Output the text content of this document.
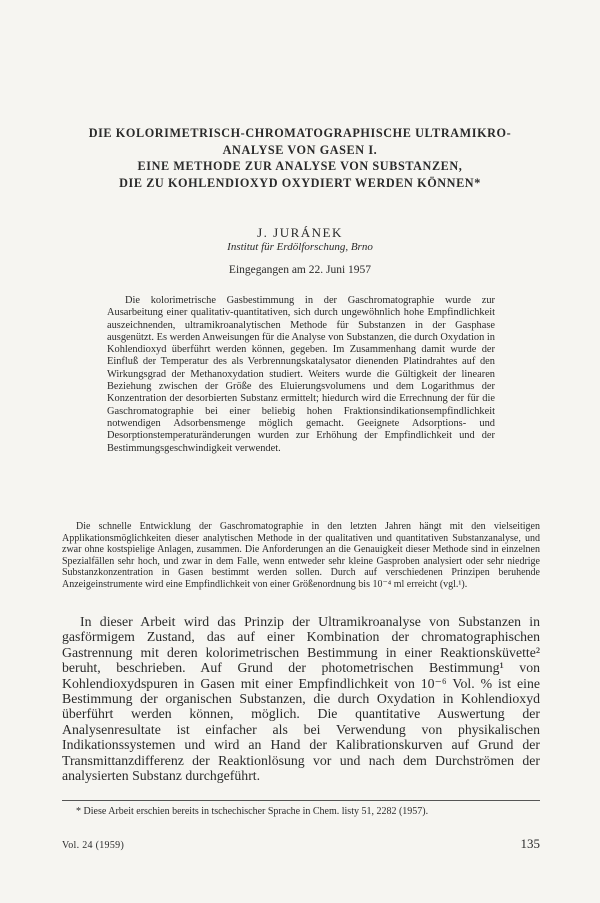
DIE KOLORIMETRISCH-CHROMATOGRAPHISCHE ULTRAMIKRO-
ANALYSE VON GASEN I.
EINE METHODE ZUR ANALYSE VON SUBSTANZEN,
DIE ZU KOHLENDIOXYD OXYDIERT WERDEN KÖNNEN*
J. JURÁNEK
Institut für Erdölforschung, Brno
Eingegangen am 22. Juni 1957

Die kolorimetrische Gasbestimmung in der Gaschromatographie wurde zur Ausarbeitung einer qualitativ-quantitativen, sich durch ungewöhnlich hohe Empfindlichkeit auszeichnenden, ultramikroanalytischen Methode für Substanzen in der Gasphase ausgenützt. Es werden Anweisungen für die Analyse von Substanzen, die durch Oxydation in Kohlendioxyd überführt werden können, gegeben. Im Zusammenhang damit wurde der Einfluß der Temperatur des als Verbrennungskatalysator dienenden Platindrahtes auf den Wirkungsgrad der Methanoxydation studiert. Weiters wurde die Gültigkeit der linearen Beziehung zwischen der Größe des Eluierungsvolumens und dem Logarithmus der Konzentration der desorbierten Substanz ermittelt; hiedurch wird die Errechnung der für die Gaschromatographie bei einer beliebig hohen Fraktionsindikationsempfindlichkeit notwendigen Adsorbensmenge möglich gemacht. Geeignete Adsorptions- und Desorptionstemperaturänderungen wurden zur Erhöhung der Empfindlichkeit und der Bestimmungsgeschwindigkeit verwendet.

Die schnelle Entwicklung der Gaschromatographie in den letzten Jahren hängt mit den vielseitigen Applikationsmöglichkeiten dieser analytischen Methode in der qualitativen und quantitativen Substanzanalyse, und zwar ohne kostspielige Anlagen, zusammen. Die Anforderungen an die Genauigkeit dieser Methode sind in einzelnen Spezialfällen sehr hoch, und zwar in dem Falle, wenn entweder sehr kleine Gasproben analysiert oder sehr niedrige Substanzkonzentration in Gasen bestimmt werden sollen. Durch auf verschiedenen Prinzipen beruhende Anzeigeinstrumente wird eine Empfindlichkeit von einer Größenordnung bis 10⁻⁴ ml erreicht (vgl.¹).

In dieser Arbeit wird das Prinzip der Ultramikroanalyse von Substanzen in gasförmigem Zustand, das auf einer Kombination der chromatographischen Gastrennung mit deren kolorimetrischen Bestimmung in einer Reaktionsküvette² beruht, beschrieben. Auf Grund der photometrischen Bestimmung¹ von Kohlendioxydspuren in Gasen mit einer Empfindlichkeit von 10⁻⁶ Vol. % ist eine Bestimmung der organischen Substanzen, die durch Oxydation in Kohlendioxyd überführt werden können, möglich. Die quantitative Auswertung der Analysenresultate ist einfacher als bei Verwendung von physikalischen Indikationssystemen und wird an Hand der Kalibrationskurven auf Grund der Transmittanzdifferenz der Reaktionlösung vor und nach dem Durchströmen der analysierten Substanz durchgeführt.

* Diese Arbeit erschien bereits in tschechischer Sprache in Chem. listy 51, 2282 (1957).
Vol. 24 (1959)	135
